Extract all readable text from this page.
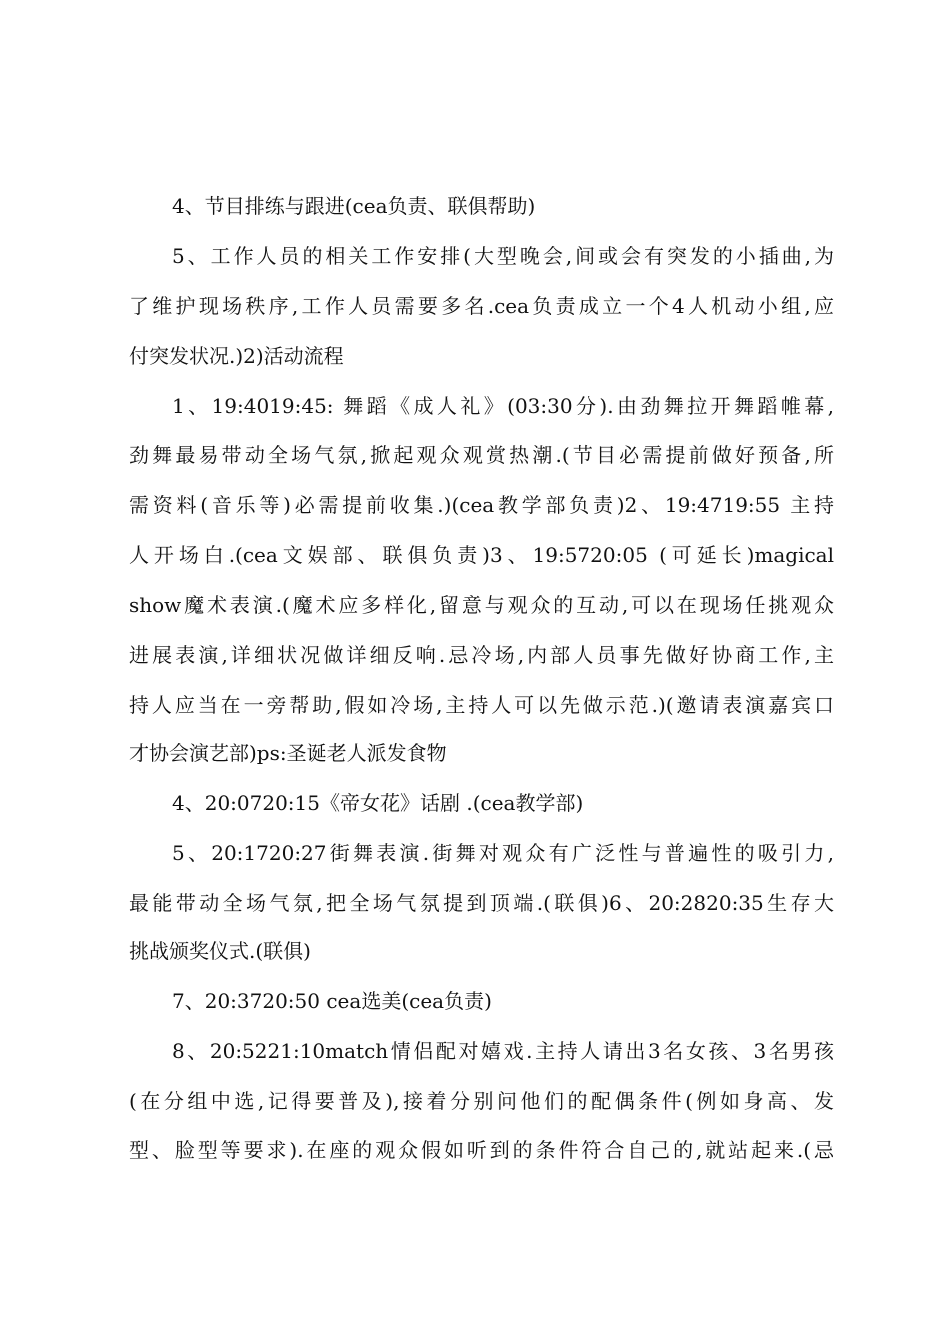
4、节目排练与跟进(cea负责、联俱帮助)
5、工作人员的相关工作安排(大型晚会,间或会有突发的小插曲,为
了维护现场秩序,工作人员需要多名.cea负责成立一个4人机动小组,应
付突发状况.)2)活动流程
1、19:4019:45: 舞蹈《成人礼》(03:30分).由劲舞拉开舞蹈帷幕,
劲舞最易带动全场气氛,掀起观众观赏热潮.(节目必需提前做好预备,所
需资料(音乐等)必需提前收集.)(cea教学部负责)2、19:4719:55 主持
人开场白.(cea文娱部、联俱负责)3、19:5720:05 (可延长)magical
show魔术表演.(魔术应多样化,留意与观众的互动,可以在现场任挑观众
进展表演,详细状况做详细反响.忌冷场,内部人员事先做好协商工作,主
持人应当在一旁帮助,假如冷场,主持人可以先做示范.)(邀请表演嘉宾口
才协会演艺部)ps:圣诞老人派发食物
4、20:0720:15《帝女花》话剧 .(cea教学部)
5、20:1720:27街舞表演.街舞对观众有广泛性与普遍性的吸引力,
最能带动全场气氛,把全场气氛提到顶端.(联俱)6、20:2820:35生存大
挑战颁奖仪式.(联俱)
7、20:3720:50 cea选美(cea负责)
8、20:5221:10match情侣配对嬉戏.主持人请出3名女孩、3名男孩
(在分组中选,记得要普及),接着分别问他们的配偶条件(例如身高、发
型、脸型等要求).在座的观众假如听到的条件符合自己的,就站起来.(忌
